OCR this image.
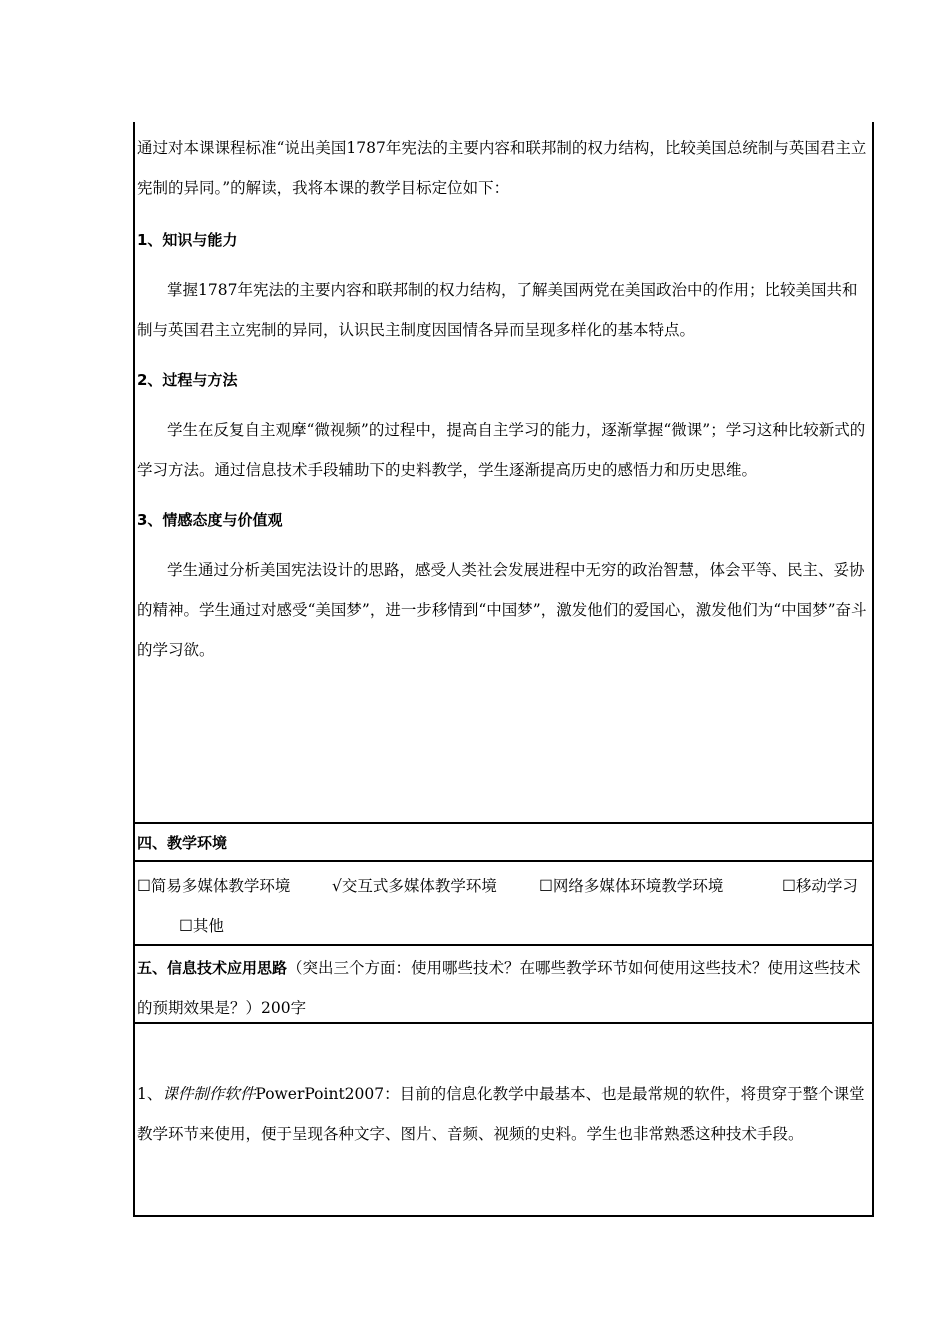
通过对本课课程标准“说出美国1787年宪法的主要内容和联邦制的权力结构，比较美国总统制与英国君主立宪制的异同。”的解读，我将本课的教学目标定位如下：

1、知识与能力

掌握1787年宪法的主要内容和联邦制的权力结构，了解美国两党在美国政治中的作用；比较美国共和制与英国君主立宪制的异同，认识民主制度因国情各异而呈现多样化的基本特点。

2、过程与方法

学生在反复自主观摩“微视频”的过程中，提高自主学习的能力，逐渐掌握“微课”；学习这种比较新式的学习方法。通过信息技术手段辅助下的史料教学，学生逐渐提高历史的感悟力和历史思维。

3、情感态度与价值观

学生通过分析美国宪法设计的思路，感受人类社会发展进程中无穷的政治智慧，体会平等、民主、妥协的精神。学生通过对感受“美国梦”，进一步移情到“中国梦”，激发他们的爱国心，激发他们为“中国梦”奋斗的学习欲。

四、教学环境

☐简易多媒体教学环境	√交互式多媒体教学环境	☐网络多媒体环境教学环境	☐移动学习☐其他

五、信息技术应用思路（突出三个方面：使用哪些技术？在哪些教学环节如何使用这些技术？使用这些技术的预期效果是？）200字

1、课件制作软件PowerPoint2007：目前的信息化教学中最基本、也是最常规的软件，将贯穿于整个课堂教学环节来使用，便于呈现各种文字、图片、音频、视频的史料。学生也非常熟悉这种技术手段。
